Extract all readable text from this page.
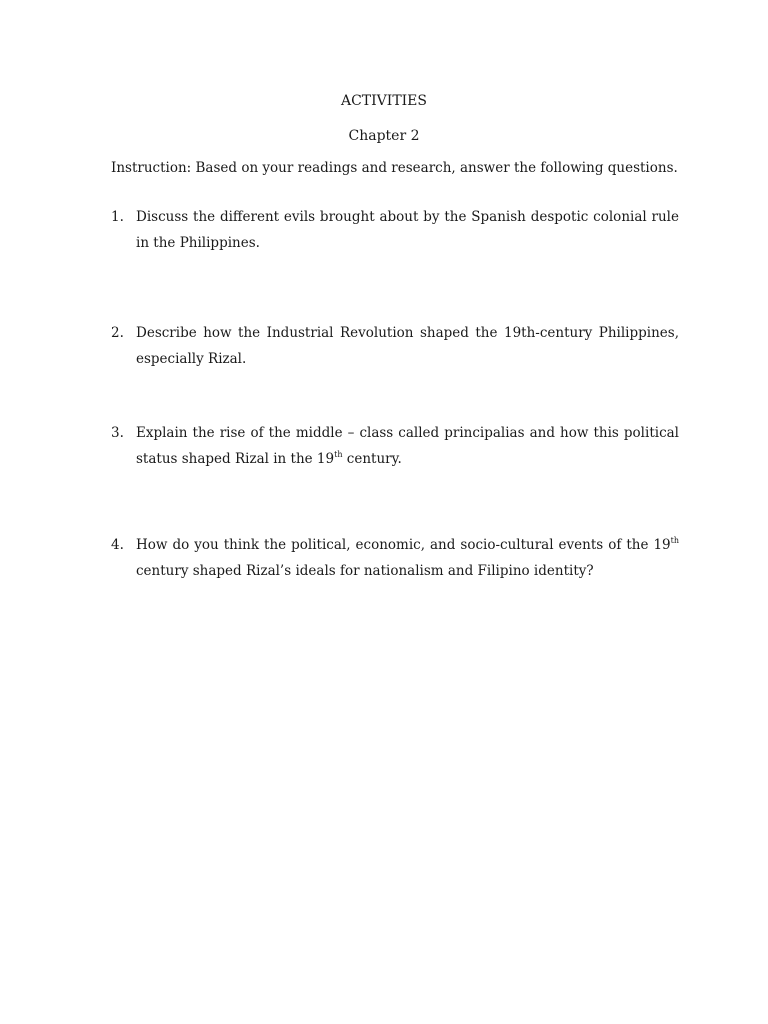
ACTIVITIES
Chapter 2
Instruction: Based on your readings and research, answer the following questions.
1. Discuss the different evils brought about by the Spanish despotic colonial rule in the Philippines.
2. Describe how the Industrial Revolution shaped the 19th-century Philippines, especially Rizal.
3. Explain the rise of the middle – class called principalias and how this political status shaped Rizal in the 19th century.
4. How do you think the political, economic, and socio-cultural events of the 19th century shaped Rizal’s ideals for nationalism and Filipino identity?
